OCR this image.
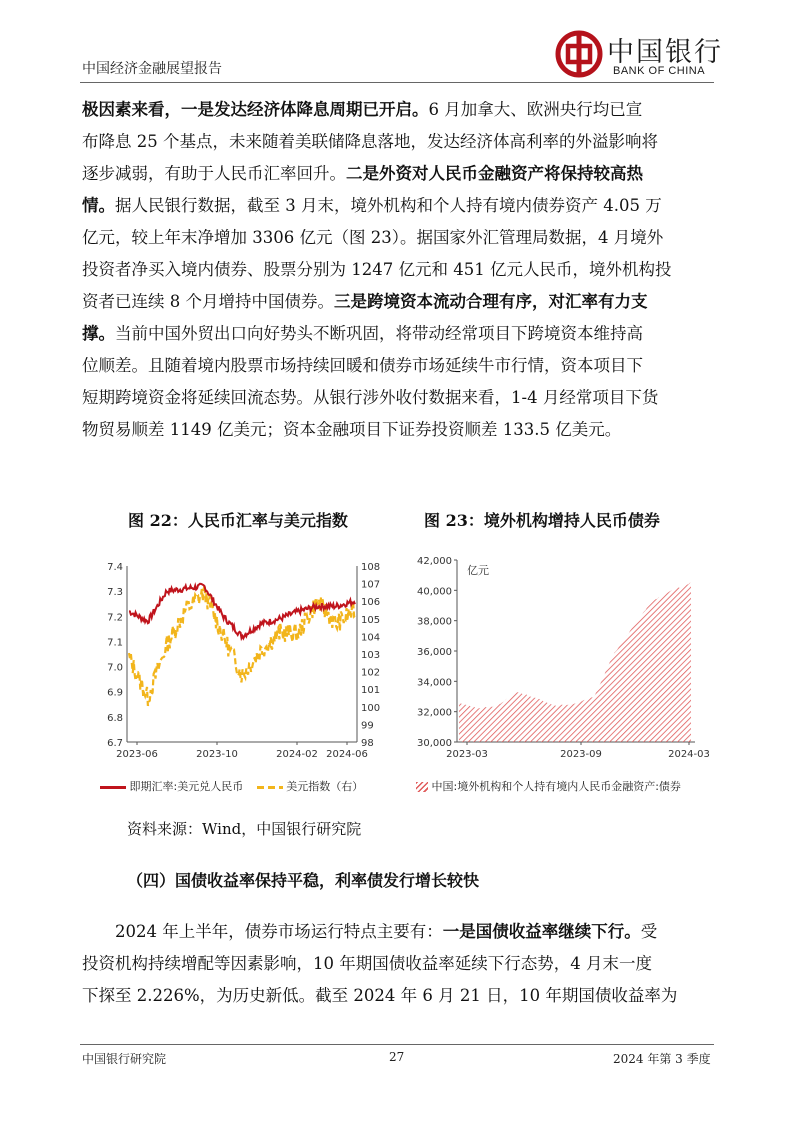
中国经济金融展望报告
中国银行
BANK OF CHINA
极因素来看，一是发达经济体降息周期已开启。6 月加拿大、欧洲央行均已宣
布降息 25 个基点，未来随着美联储降息落地，发达经济体高利率的外溢影响将
逐步减弱，有助于人民币汇率回升。二是外资对人民币金融资产将保持较高热
情。据人民银行数据，截至 3 月末，境外机构和个人持有境内债券资产 4.05 万
亿元，较上年末净增加 3306 亿元（图 23）。据国家外汇管理局数据，4 月境外
投资者净买入境内债券、股票分别为 1247 亿元和 451 亿元人民币，境外机构投
资者已连续 8 个月增持中国债券。三是跨境资本流动合理有序，对汇率有力支
撑。当前中国外贸出口向好势头不断巩固，将带动经常项目下跨境资本维持高
位顺差。且随着境内股票市场持续回暖和债券市场延续牛市行情，资本项目下
短期跨境资金将延续回流态势。从银行涉外收付数据来看，1-4 月经常项目下货
物贸易顺差 1149 亿美元；资本金融项目下证券投资顺差 133.5 亿美元。
图 22：人民币汇率与美元指数
6.7
6.8
6.9
7.0
7.1
7.2
7.3
7.4
98
99
100
101
102
103
104
105
106
107
108
2023-06	2023-10	2024-02 2024-06
即期汇率:美元兑人民币	美元指数（右）
图 23：境外机构增持人民币债券
30,000
32,000
34,000
36,000
38,000
40,000
42,000
2023-03	2023-09	2024-03
亿元
中国:境外机构和个人持有境内人民币金融资产:债券
资料来源：Wind，中国银行研究院
（四）国债收益率保持平稳，利率债发行增长较快
2024 年上半年，债券市场运行特点主要有：一是国债收益率继续下行。受
投资机构持续增配等因素影响，10 年期国债收益率延续下行态势，4 月末一度
下探至 2.226%，为历史新低。截至 2024 年 6 月 21 日，10 年期国债收益率为
中国银行研究院	27	2024 年第 3 季度
